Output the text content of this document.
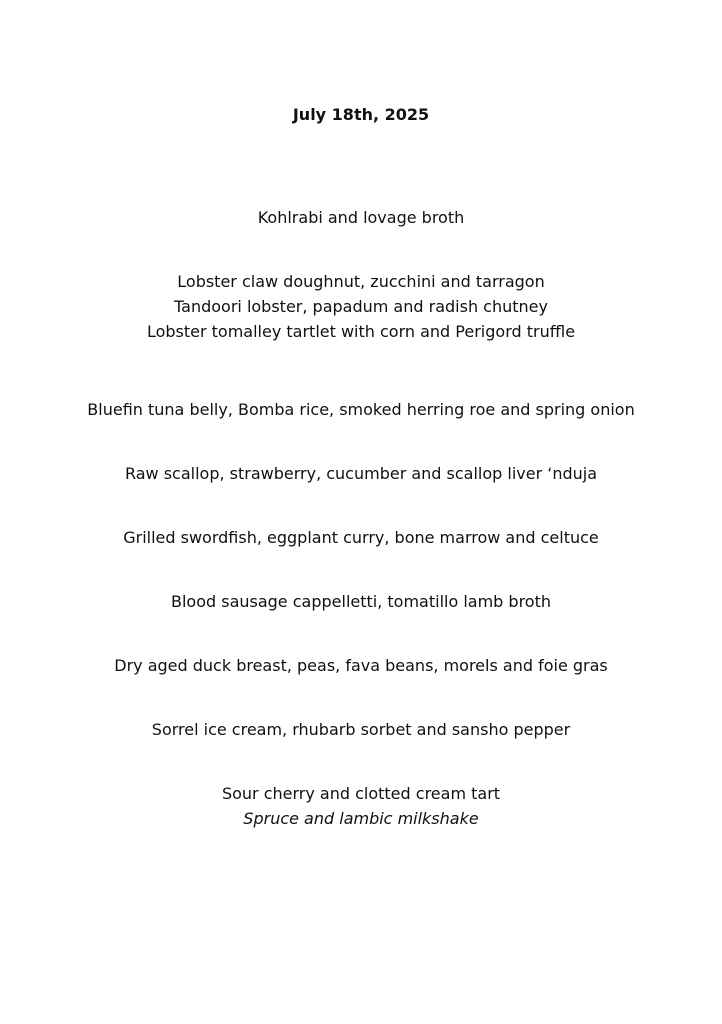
July 18th, 2025
Kohlrabi and lovage broth
Lobster claw doughnut, zucchini and tarragon
Tandoori lobster, papadum and radish chutney
Lobster tomalley tartlet with corn and Perigord truffle
Bluefin tuna belly, Bomba rice, smoked herring roe and spring onion
Raw scallop, strawberry, cucumber and scallop liver ‘nduja
Grilled swordfish, eggplant curry, bone marrow and celtuce
Blood sausage cappelletti, tomatillo lamb broth
Dry aged duck breast, peas, fava beans, morels and foie gras
Sorrel ice cream, rhubarb sorbet and sansho pepper
Sour cherry and clotted cream tart
Spruce and lambic milkshake
